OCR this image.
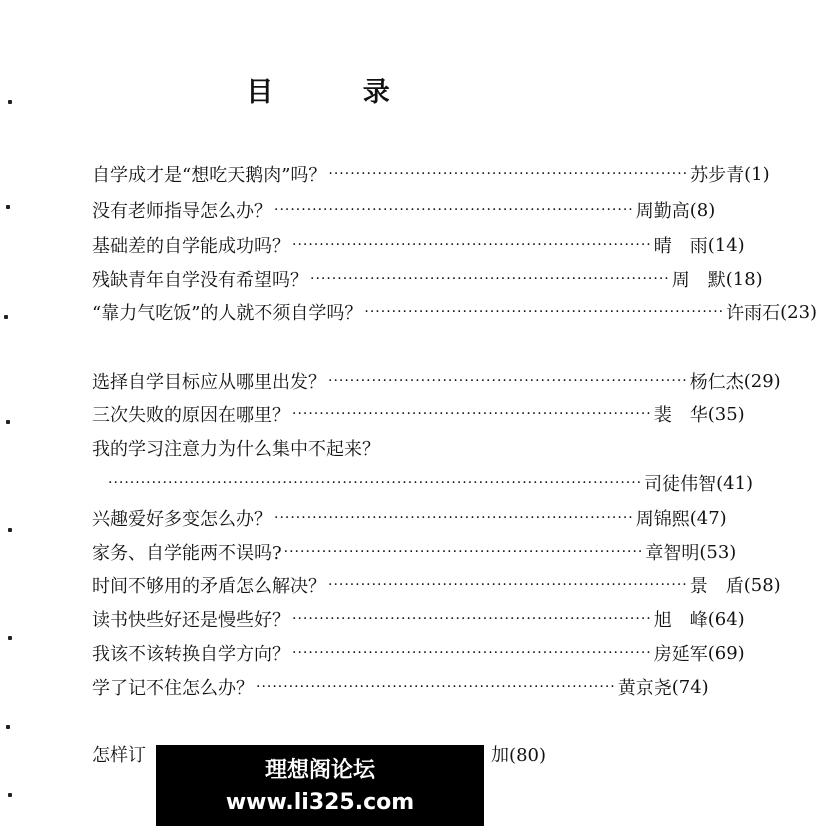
目 录
自学成才是“想吃天鹅肉”吗？ ·································································· 苏步青 (1)
没有老师指导怎么办？ ·································································· 周勤高 (8)
基础差的自学能成功吗？ ·································································· 晴　雨 (14)
残缺青年自学没有希望吗？ ·································································· 周　默 (18)
“靠力气吃饭”的人就不须自学吗？ ·································································· 许雨石 (23)
选择自学目标应从哪里出发？ ·································································· 杨仁杰 (29)
三次失败的原因在哪里？ ·································································· 裴　华 (35)
我的学习注意力为什么集中不起来？
·································································································· 司徒伟智 (41)
兴趣爱好多变怎么办？ ·································································· 周锦熙 (47)
家务、自学能两不误吗? ·································································· 章智明 (53)
时间不够用的矛盾怎么解决？ ·································································· 景　盾 (58)
读书快些好还是慢些好？ ·································································· 旭　峰 (64)
我该不该转换自学方向？ ·································································· 房延军 (69)
学了记不住怎么办？ ·································································· 黄京尧 (74)
怎样订	加(80)
理想阁论坛
www.li325.com
